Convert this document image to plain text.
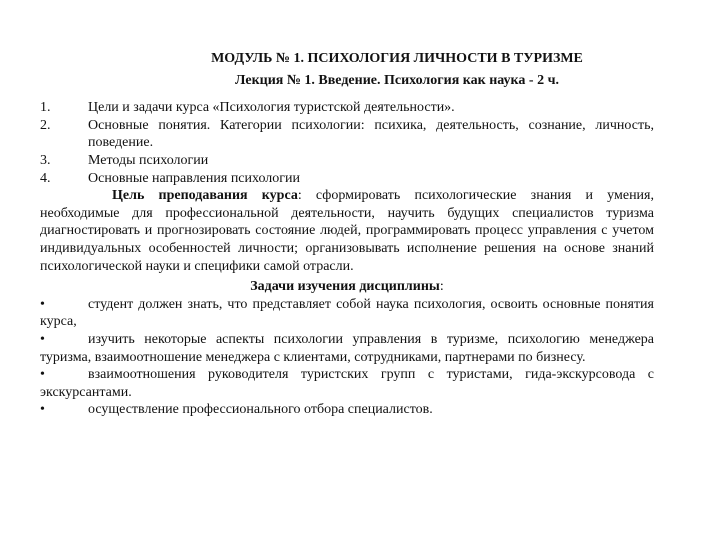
МОДУЛЬ № 1. ПСИХОЛОГИЯ ЛИЧНОСТИ В ТУРИЗМЕ
Лекция № 1. Введение. Психология как наука - 2 ч.
1.	Цели и задачи курса «Психология туристской деятельности».
2.	Основные понятия. Категории психологии: психика, деятельность, сознание, личность, поведение.
3.	Методы психологии
4.	Основные направления психологии

Цель преподавания курса: сформировать психологические знания и умения, необходимые для профессиональной деятельности, научить будущих специалистов туризма диагностировать и прогнозировать состояние людей, программировать процесс управления с учетом индивидуальных особенностей личности; организовывать исполнение решения на основе знаний психологической науки и специфики самой отрасли.

Задачи изучения дисциплины:
•	студент должен знать, что представляет собой наука психология, освоить основные понятия курса,
•	изучить некоторые аспекты психологии управления в туризме, психологию менеджера туризма, взаимоотношение менеджера с клиентами, сотрудниками, партнерами по бизнесу.
•	взаимоотношения руководителя туристских групп с туристами, гида-экскурсовода с экскурсантами.
•	осуществление профессионального отбора специалистов.
